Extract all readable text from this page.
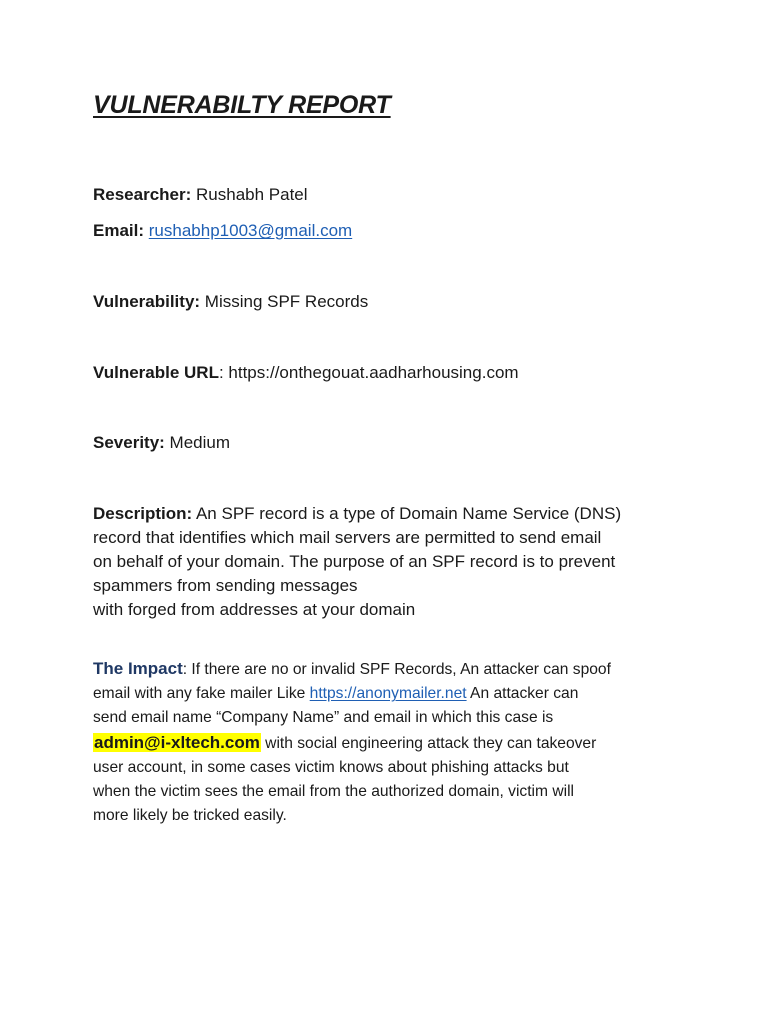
VULNERABILTY REPORT
Researcher: Rushabh Patel
Email: rushabhp1003@gmail.com
Vulnerability: Missing SPF Records
Vulnerable URL: https://onthegouat.aadharhousing.com
Severity: Medium
Description: An SPF record is a type of Domain Name Service (DNS)
record that identifies which mail servers are permitted to send email
on behalf of your domain. The purpose of an SPF record is to prevent
spammers from sending messages
with forged from addresses at your domain
The Impact: If there are no or invalid SPF Records, An attacker can spoof
email with any fake mailer Like https://anonymailer.net An attacker can
send email name “Company Name” and email in which this case is
admin@i-xltech.com with social engineering attack they can takeover
user account, in some cases victim knows about phishing attacks but
when the victim sees the email from the authorized domain, victim will
more likely be tricked easily.
